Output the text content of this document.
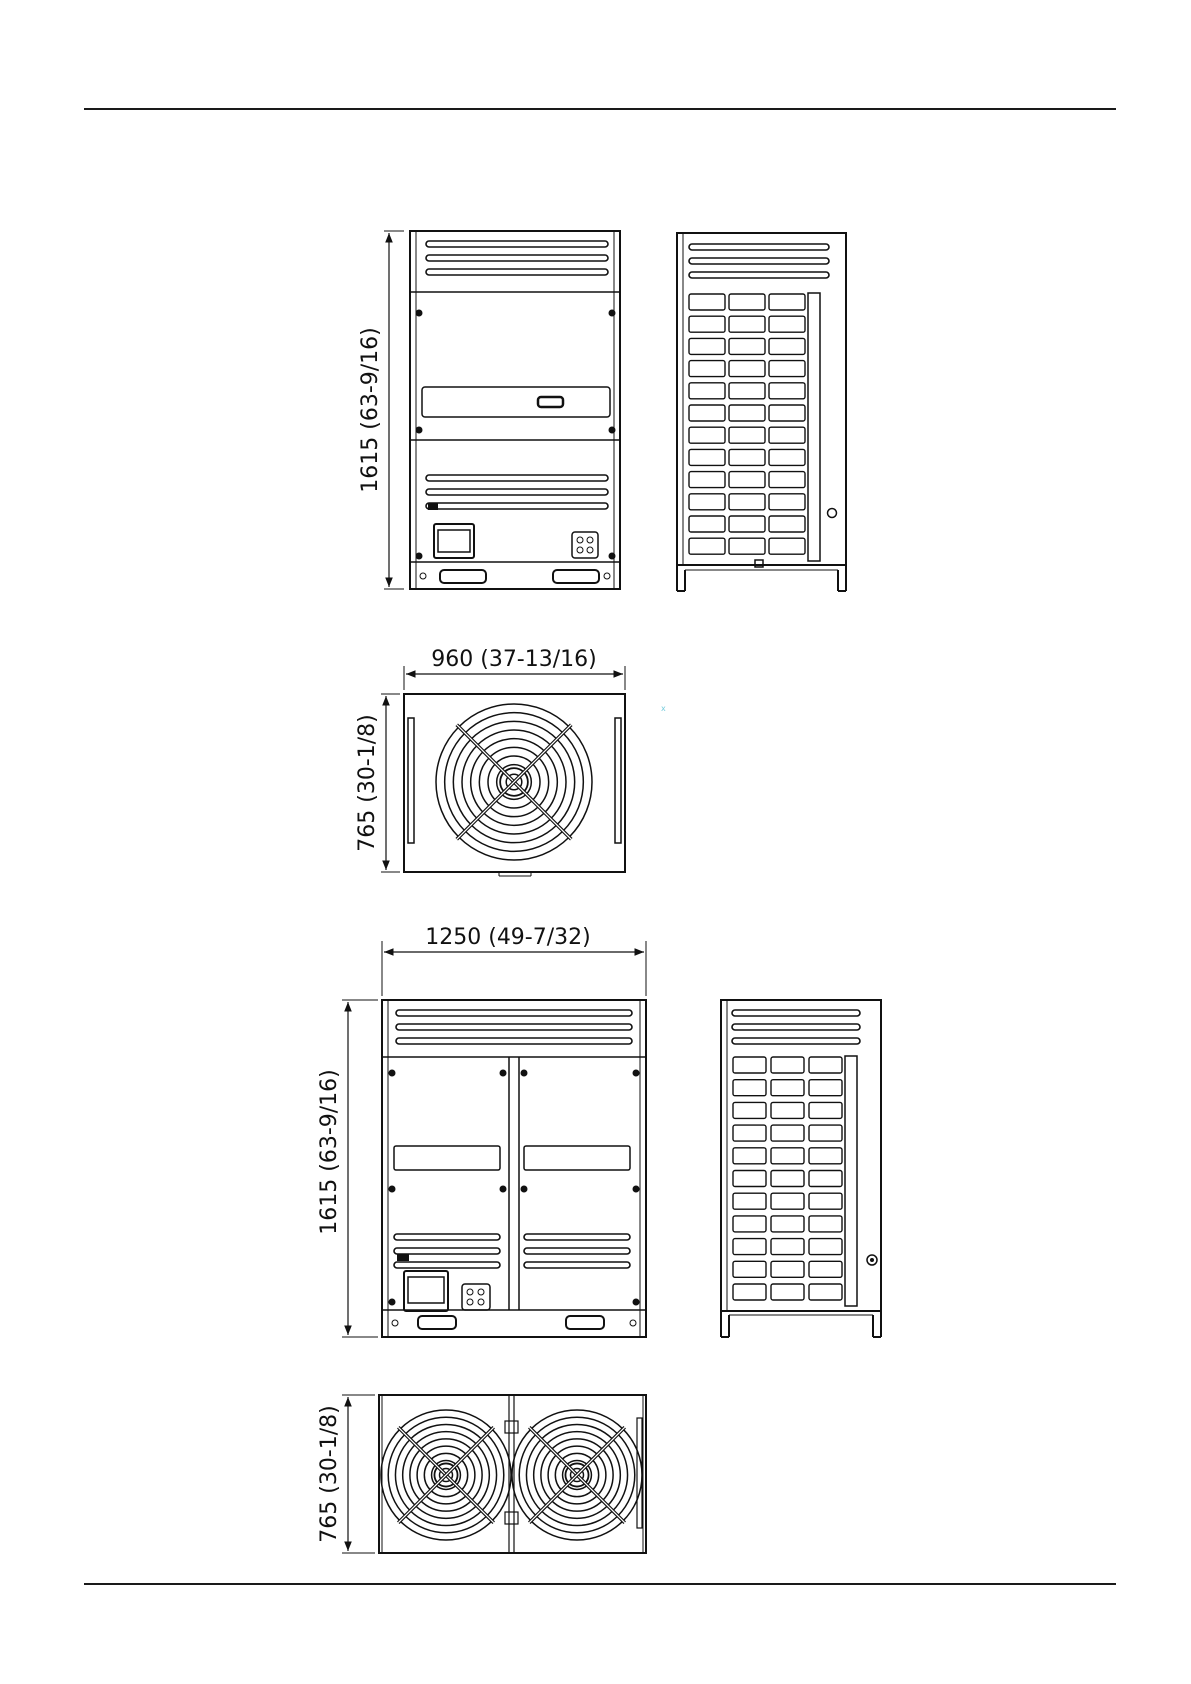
1615 (63-9/16)
x
960 (37-13/16)
765 (30-1/8)
1250 (49-7/32)
1615 (63-9/16)
765 (30-1/8)
